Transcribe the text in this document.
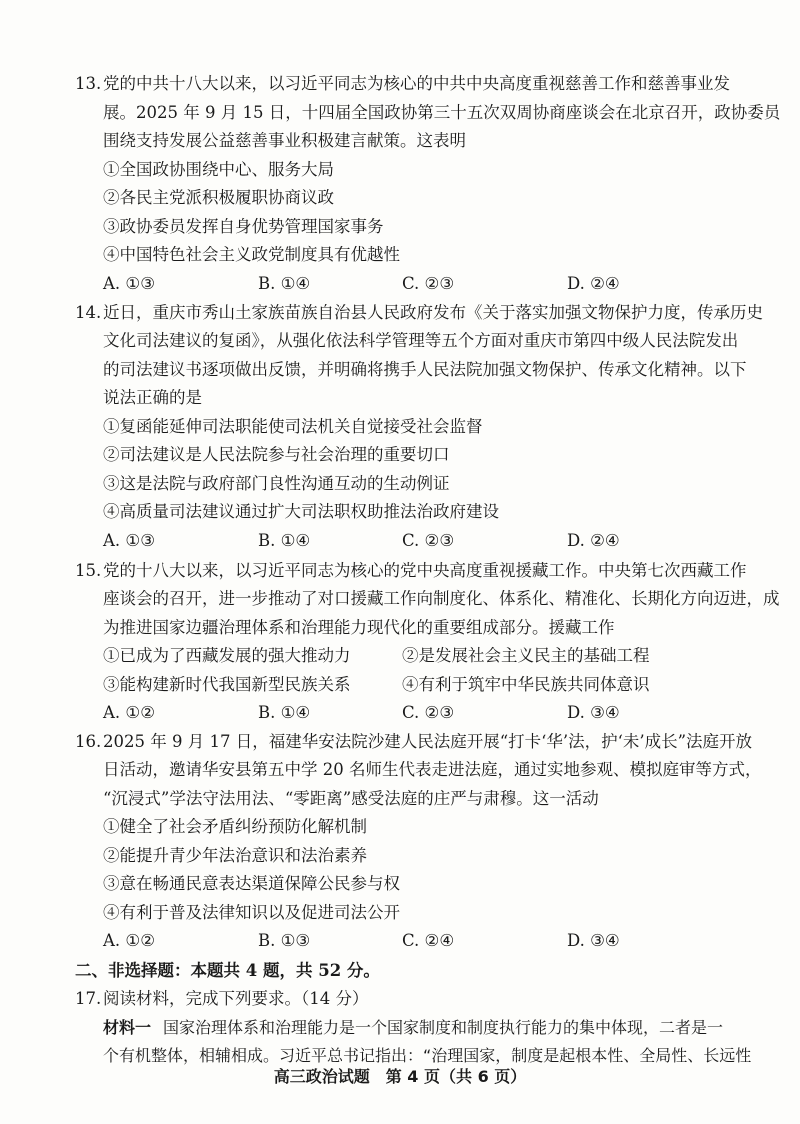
13. 党的中共十八大以来，以习近平同志为核心的中共中央高度重视慈善工作和慈善事业发
展。2025 年 9 月 15 日，十四届全国政协第三十五次双周协商座谈会在北京召开，政协委员
围绕支持发展公益慈善事业积极建言献策。这表明
①全国政协围绕中心、服务大局
②各民主党派积极履职协商议政
③政协委员发挥自身优势管理国家事务
④中国特色社会主义政党制度具有优越性
A. ①③	B. ①④	C. ②③	D. ②④
14. 近日，重庆市秀山土家族苗族自治县人民政府发布《关于落实加强文物保护力度，传承历史
文化司法建议的复函》，从强化依法科学管理等五个方面对重庆市第四中级人民法院发出
的司法建议书逐项做出反馈，并明确将携手人民法院加强文物保护、传承文化精神。以下
说法正确的是
①复函能延伸司法职能使司法机关自觉接受社会监督
②司法建议是人民法院参与社会治理的重要切口
③这是法院与政府部门良性沟通互动的生动例证
④高质量司法建议通过扩大司法职权助推法治政府建设
A. ①③	B. ①④	C. ②③	D. ②④
15. 党的十八大以来，以习近平同志为核心的党中央高度重视援藏工作。中央第七次西藏工作
座谈会的召开，进一步推动了对口援藏工作向制度化、体系化、精准化、长期化方向迈进，成
为推进国家边疆治理体系和治理能力现代化的重要组成部分。援藏工作
①已成为了西藏发展的强大推动力	②是发展社会主义民主的基础工程
③能构建新时代我国新型民族关系	④有利于筑牢中华民族共同体意识
A. ①②	B. ①④	C. ②③	D. ③④
16. 2025 年 9 月 17 日，福建华安法院沙建人民法庭开展“打卡‘华’法，护‘未’成长”法庭开放
日活动，邀请华安县第五中学 20 名师生代表走进法庭，通过实地参观、模拟庭审等方式，
“沉浸式”学法守法用法、“零距离”感受法庭的庄严与肃穆。这一活动
①健全了社会矛盾纠纷预防化解机制
②能提升青少年法治意识和法治素养
③意在畅通民意表达渠道保障公民参与权
④有利于普及法律知识以及促进司法公开
A. ①②	B. ①③	C. ②④	D. ③④
二、非选择题：本题共 4 题，共 52 分。
17. 阅读材料，完成下列要求。（14 分）
材料一 国家治理体系和治理能力是一个国家制度和制度执行能力的集中体现，二者是一
个有机整体，相辅相成。习近平总书记指出：“治理国家，制度是起根本性、全局性、长远性
高三政治试题　第 4 页（共 6 页）
